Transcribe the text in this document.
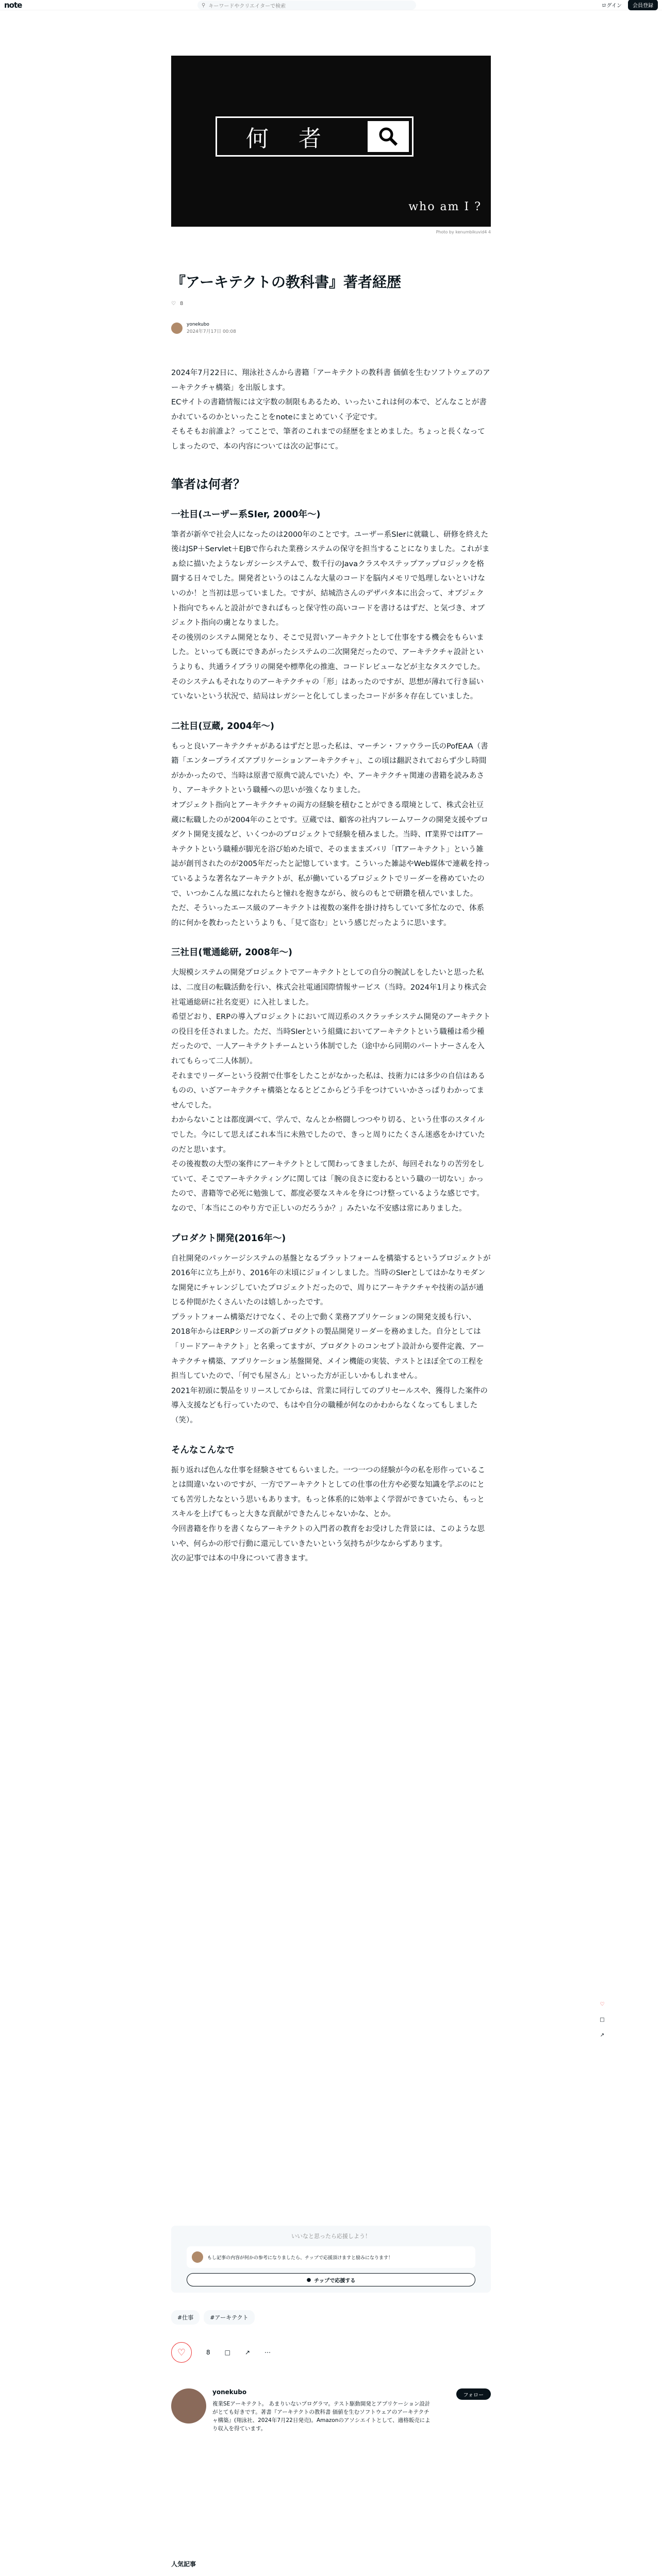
note	⚲ キーワードやクリエイターで検索	ログイン	会員登録
何 者
who am I ?
Photo by kenumbikuvid4 4
『アーキテクトの教科書』著者経歴
♡ 8
yonekubo
2024年7月17日 00:08

2024年7月22日に、翔泳社さんから書籍「アーキテクトの教科書 価値を生むソフトウェアのアーキテクチャ構築」を出版します。

ECサイトの書籍情報には文字数の制限もあるため、いったいこれは何の本で、どんなことが書かれているのかといったことをnoteにまとめていく予定です。

そもそもお前誰よ？ってことで、筆者のこれまでの経歴をまとめました。ちょっと長くなってしまったので、本の内容については次の記事にて。

筆者は何者？
一社目(ユーザー系SIer, 2000年〜)

筆者が新卒で社会人になったのは2000年のことです。ユーザー系SIerに就職し、研修を終えた後はJSP＋Servlet＋EJBで作られた業務システムの保守を担当することになりました。これがまぁ絵に描いたようなレガシーシステムで、数千行のJavaクラスやステップアップロジックを格闘する日々でした。開発者というのはこんな大量のコードを脳内メモリで処理しないといけないのか！と当初は思っていました。ですが、結城浩さんのデザパタ本に出会って、オブジェクト指向でちゃんと設計ができればもっと保守性の高いコードを書けるはずだ、と気づき、オブジェクト指向の虜となりました。

その後別のシステム開発となり、そこで見習いアーキテクトとして仕事をする機会をもらいました。といっても既にできあがったシステムの二次開発だったので、アーキテクチャ設計というよりも、共通ライブラリの開発や標準化の推進、コードレビューなどが主なタスクでした。そのシステムもそれなりのアーキテクチャの「形」はあったのですが、思想が薄れて行き届いていないという状況で、結局はレガシーと化してしまったコードが多々存在していました。

二社目(豆蔵, 2004年〜)

もっと良いアーキテクチャがあるはずだと思った私は、マーチン・ファウラー氏のPofEAA（書籍「エンタープライズアプリケーションアーキテクチャ」、この頃は翻訳されておらず少し時間がかかったので、当時は原書で原典で読んでいた）や、アーキテクチャ関連の書籍を読みあさり、アーキテクトという職種への思いが強くなりました。

オブジェクト指向とアーキテクチャの両方の経験を積むことができる環境として、株式会社豆蔵に転職したのが2004年のことです。豆蔵では、顧客の社内フレームワークの開発支援やプロダクト開発支援など、いくつかのプロジェクトで経験を積みました。当時、IT業界ではITアーキテクトという職種が脚光を浴び始めた頃で、そのまままズバリ「ITアーキテクト」という雑誌が創刊されたのが2005年だったと記憶しています。こういった雑誌やWeb媒体で連載を持っているような著名なアーキテクトが、私が働いているプロジェクトでリーダーを務めていたので、いつかこんな風になれたらと憧れを抱きながら、彼らのもとで研鑽を積んでいました。

ただ、そういったエース級のアーキテクトは複数の案件を掛け持ちしていて多忙なので、体系的に何かを教わったというよりも、「見て盗む」という感じだったように思います。

三社目(電通総研, 2008年〜)

大規模システムの開発プロジェクトでアーキテクトとしての自分の腕試しをしたいと思った私は、二度目の転職活動を行い、株式会社電通国際情報サービス（当時。2024年1月より株式会社電通総研に社名変更）に入社しました。

希望どおり、ERPの導入プロジェクトにおいて周辺系のスクラッチシステム開発のアーキテクトの役目を任されました。ただ、当時SIerという組織においてアーキテクトという職種は希少種だったので、一人アーキテクトチームという体制でした（途中から同期のパートナーさんを入れてもらって二人体制）。

それまでリーダーという役割で仕事をしたことがなかった私は、技術力には多少の自信はあるものの、いざアーキテクチャ構築となるとどこからどう手をつけていいかさっぱりわかってませんでした。

わからないことは都度調べて、学んで、なんとか格闘しつつやり切る、という仕事のスタイルでした。今にして思えばこれ本当に未熟でしたので、きっと周りにたくさん迷惑をかけていたのだと思います。

その後複数の大型の案件にアーキテクトとして関わってきましたが、毎回それなりの苦労をしていて、そこでアーキテクティングに関しては「腕の良さに変わるという職の一切ない」かったので、書籍等で必死に勉強して、都度必要なスキルを身につけ整っているような感じです。なので、「本当にこのやり方で正しいのだろうか？」みたいな不安感は常にありました。

プロダクト開発(2016年〜)

自社開発のパッケージシステムの基盤となるプラットフォームを構築するというプロジェクトが2016年に立ち上がり、2016年の末頃にジョインしました。当時のSIerとしてはかなりモダンな開発にチャレンジしていたプロジェクトだったので、周りにアーキテクチャや技術の話が通じる仲間がたくさんいたのは嬉しかったです。

プラットフォーム構築だけでなく、その上で動く業務アプリケーションの開発支援も行い、2018年からはERPシリーズの新プロダクトの製品開発リーダーを務めました。自分としては「リードアーキテクト」と名乗ってますが、プロダクトのコンセプト設計から要件定義、アーキテクチャ構築、アプリケーション基盤開発、メイン機能の実装、テストとほぼ全ての工程を担当していたので、「何でも屋さん」といった方が正しいかもしれません。

2021年初頭に製品をリリースしてからは、営業に同行してのプリセールスや、獲得した案件の導入支援なども行っていたので、もはや自分の職種が何なのかわからなくなってもしました（笑）。

そんなこんなで

振り返れば色んな仕事を経験させてもらいました。一つ一つの経験が今の私を形作っていることは間違いないのですが、一方でアーキテクトとしての仕事の仕方や必要な知識を学ぶのにとても苦労したなという思いもあります。もっと体系的に効率よく学習ができていたら、もっとスキルを上げてもっと大きな貢献ができたんじゃないかな、とか。

今回書籍を作りを書くならアーキテクトの入門者の教育をお受けした背景には、このような思いや、何らかの形で行動に還元していきたいという気持ちが少なからずあります。

次の記事では本の中身について書きます。

♡
□
↗
いいなと思ったら応援しよう！
もし記事の内容が何かの参考になりましたら、チップで応援頂けますと励みになります！
● チップで応援する
#仕事	#アーキテクト
♡	8 □ ↗ ⋯
yonekubo
複業SEアーキテクト。 あまりいないプログラマ。テスト駆動開発とアプリケーション設計がとても好きです。著書『アーキテクトの教科書 価値を生むソフトウェアのアーキテクチャ構築』(翔泳社、2024年7月22日発売)。Amazonのアソシエイトとして、適格販売により収入を得ています。
フォロー
人気記事
